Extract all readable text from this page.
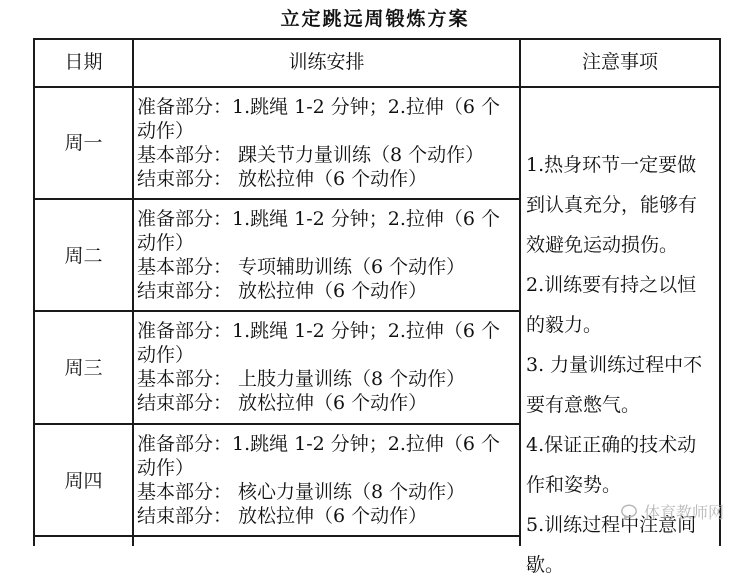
立定跳远周锻炼方案
日期	训练安排	注意事项
周一
准备部分：1.跳绳 1-2 分钟；2.拉伸（6 个
动作）
基本部分： 踝关节力量训练（8 个动作）
结束部分： 放松拉伸（6 个动作）
周二
准备部分：1.跳绳 1-2 分钟；2.拉伸（6 个
动作）
基本部分： 专项辅助训练（6 个动作）
结束部分： 放松拉伸（6 个动作）
周三
准备部分：1.跳绳 1-2 分钟；2.拉伸（6 个
动作）
基本部分： 上肢力量训练（8 个动作）
结束部分： 放松拉伸（6 个动作）
周四
准备部分：1.跳绳 1-2 分钟；2.拉伸（6 个
动作）
基本部分： 核心力量训练（8 个动作）
结束部分： 放松拉伸（6 个动作）
1.热身环节一定要做
到认真充分，能够有
效避免运动损伤。
2.训练要有持之以恒
的毅力。
3. 力量训练过程中不
要有意憋气。
4.保证正确的技术动
作和姿势。
5.训练过程中注意间
歇。
体育教师网
